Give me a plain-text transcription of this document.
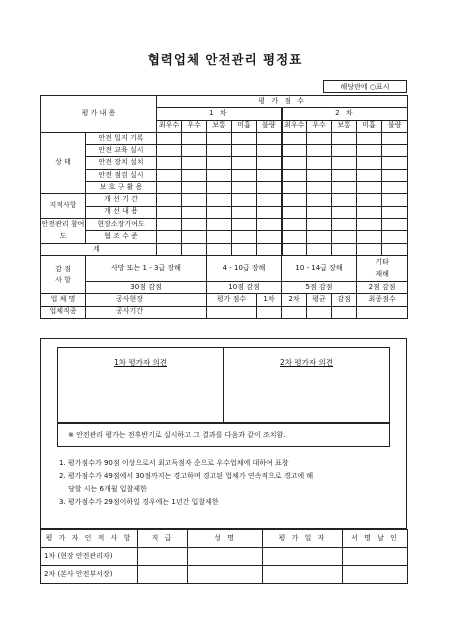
협력업체 안전관리 평정표
해당란에 ○표시
평 가 내 용		평 가 점 수									
		1 차					2 차				
		최우수	우수	보통	미흡	불량	최우수	우수	보통	미흡	불량
상 태	안전 일지 기록										
	안전 교육 실시										
	안전 장치 설치										
	안전 점검 실시										
	보 호 구 활 용										
지적사항	개 선 기 간										
	개 선 내 용										
안전관리 참여도	현장소장기여도										
	협 조 수 준										
계											
감 점 사 항	사망 또는 1 - 3급 장해			4 - 10급 장해			10 - 14급 장해			기타 재해	
	30점 감점			10점 감점			5점 감점			2점 감점	
업 체 명	공사현장			평가 점수		1차	2차	평균	감점	최종점수	
업체직종	공사기간										
1차 평가자 의견	2차 평가자 의견
※ 안전관리 평가는 전후반기로 실시하고 그 결과를 다음과 같이 조치함.
1. 평가점수가 90점 이상으로서 최고득점자 순으로 우수업체에 대하여 표창
2. 평가점수가 49점에서 30점까지는 경고하며 경고된 업체가 연속적으로 경고에 해
당할 시는 6개월 입찰제한
3. 평가점수가 29점이하일 경우에는 1년간 입찰제한
평 가 자 인 적 사 항	직 급	성 명	평 가 일 자	서 명 날 인
1차 (현장 안전관리자)				
2차 (본사 안전부서장)				
